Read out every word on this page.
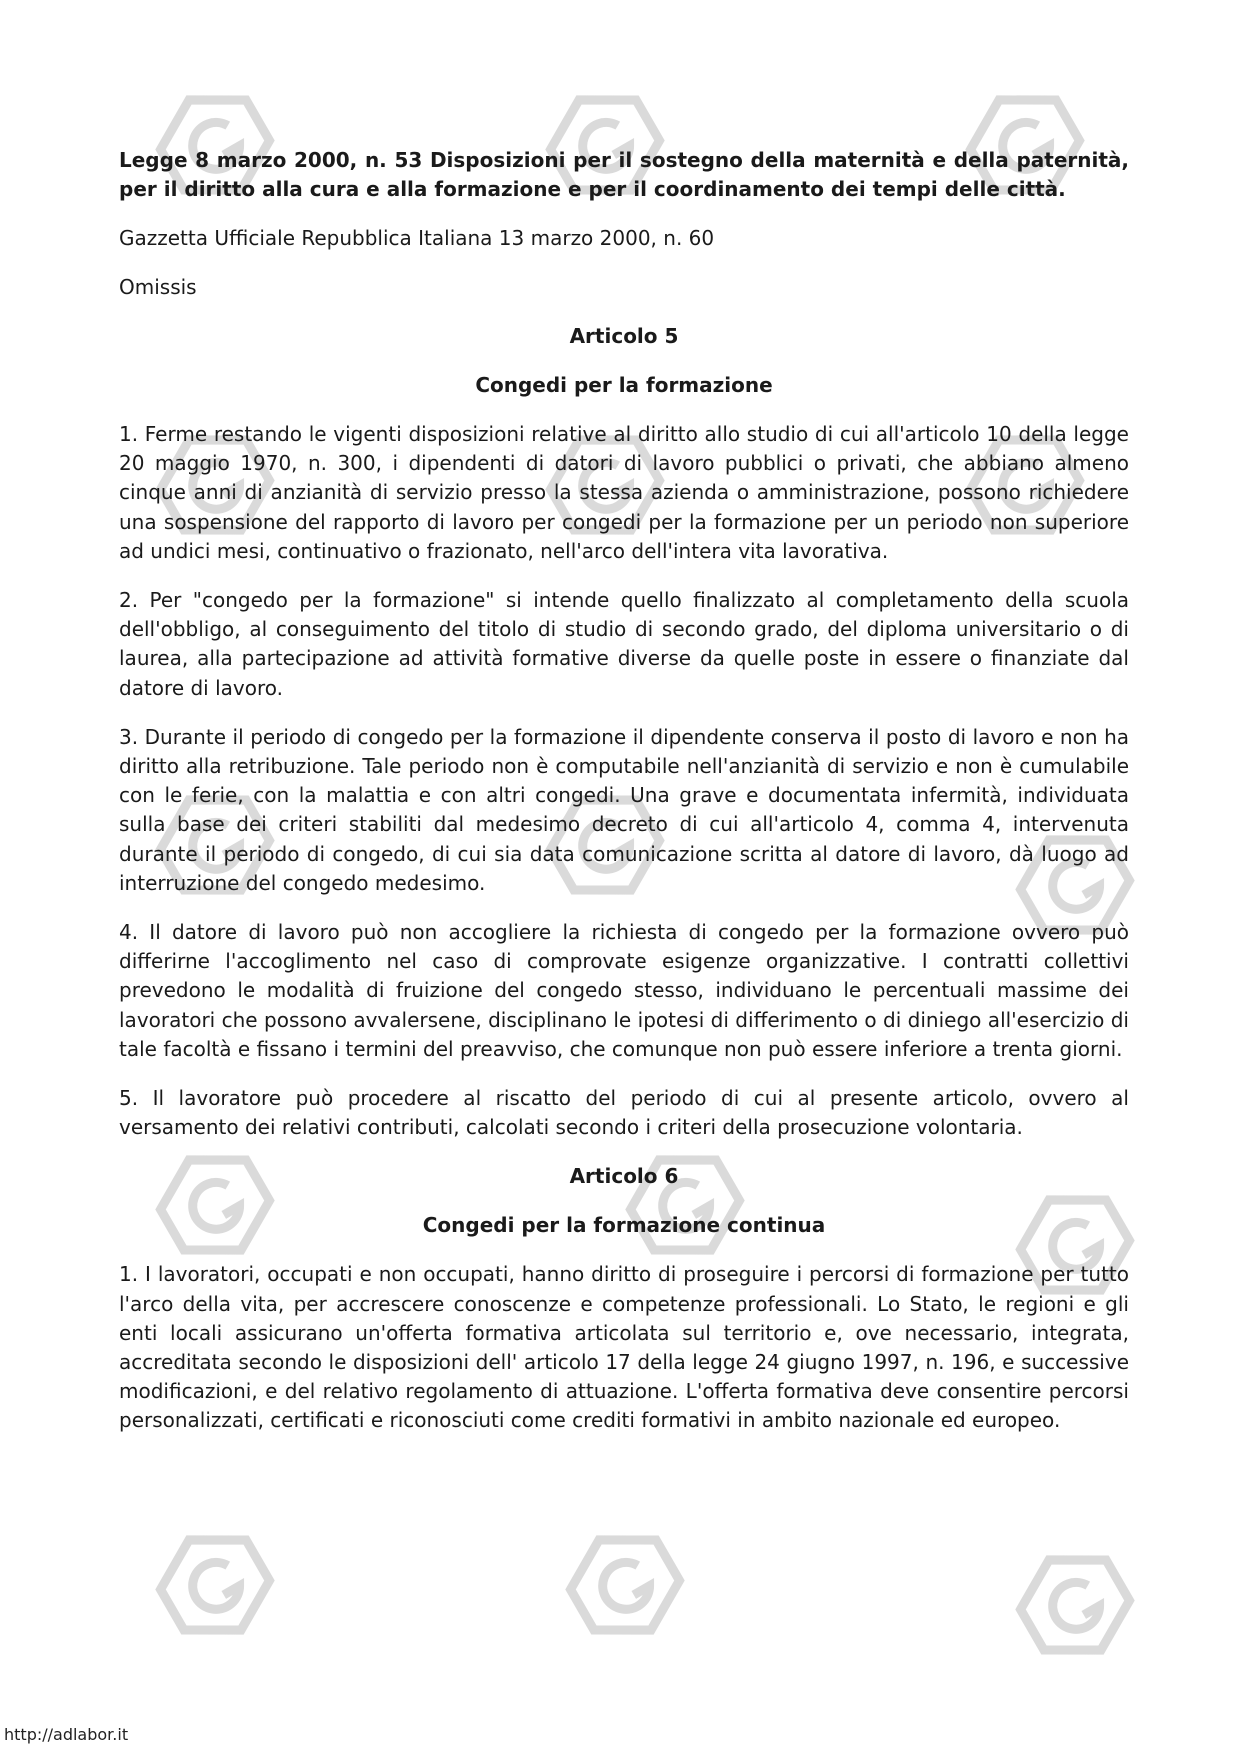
Legge 8 marzo 2000, n. 53 Disposizioni per il sostegno della maternità e della paternità, per il diritto alla cura e alla formazione e per il coordinamento dei tempi delle città.
Gazzetta Ufficiale Repubblica Italiana 13 marzo 2000, n. 60
Omissis
Articolo 5
Congedi per la formazione
1. Ferme restando le vigenti disposizioni relative al diritto allo studio di cui all'articolo 10 della legge 20 maggio 1970, n. 300, i dipendenti di datori di lavoro pubblici o privati, che abbiano almeno cinque anni di anzianità di servizio presso la stessa azienda o amministrazione, possono richiedere una sospensione del rapporto di lavoro per congedi per la formazione per un periodo non superiore ad undici mesi, continuativo o frazionato, nell'arco dell'intera vita lavorativa.
2. Per "congedo per la formazione" si intende quello finalizzato al completamento della scuola dell'obbligo, al conseguimento del titolo di studio di secondo grado, del diploma universitario o di laurea, alla partecipazione ad attività formative diverse da quelle poste in essere o finanziate dal datore di lavoro.
3. Durante il periodo di congedo per la formazione il dipendente conserva il posto di lavoro e non ha diritto alla retribuzione. Tale periodo non è computabile nell'anzianità di servizio e non è cumulabile con le ferie, con la malattia e con altri congedi. Una grave e documentata infermità, individuata sulla base dei criteri stabiliti dal medesimo decreto di cui all'articolo 4, comma 4, intervenuta durante il periodo di congedo, di cui sia data comunicazione scritta al datore di lavoro, dà luogo ad interruzione del congedo medesimo.
4. Il datore di lavoro può non accogliere la richiesta di congedo per la formazione ovvero può differirne l'accoglimento nel caso di comprovate esigenze organizzative. I contratti collettivi prevedono le modalità di fruizione del congedo stesso, individuano le percentuali massime dei lavoratori che possono avvalersene, disciplinano le ipotesi di differimento o di diniego all'esercizio di tale facoltà e fissano i termini del preavviso, che comunque non può essere inferiore a trenta giorni.
5. Il lavoratore può procedere al riscatto del periodo di cui al presente articolo, ovvero al versamento dei relativi contributi, calcolati secondo i criteri della prosecuzione volontaria.
Articolo 6
Congedi per la formazione continua
1. I lavoratori, occupati e non occupati, hanno diritto di proseguire i percorsi di formazione per tutto l'arco della vita, per accrescere conoscenze e competenze professionali. Lo Stato, le regioni e gli enti locali assicurano un'offerta formativa articolata sul territorio e, ove necessario, integrata, accreditata secondo le disposizioni dell' articolo 17 della legge 24 giugno 1997, n. 196, e successive modificazioni, e del relativo regolamento di attuazione. L'offerta formativa deve consentire percorsi personalizzati, certificati e riconosciuti come crediti formativi in ambito nazionale ed europeo.
http://adlabor.it
